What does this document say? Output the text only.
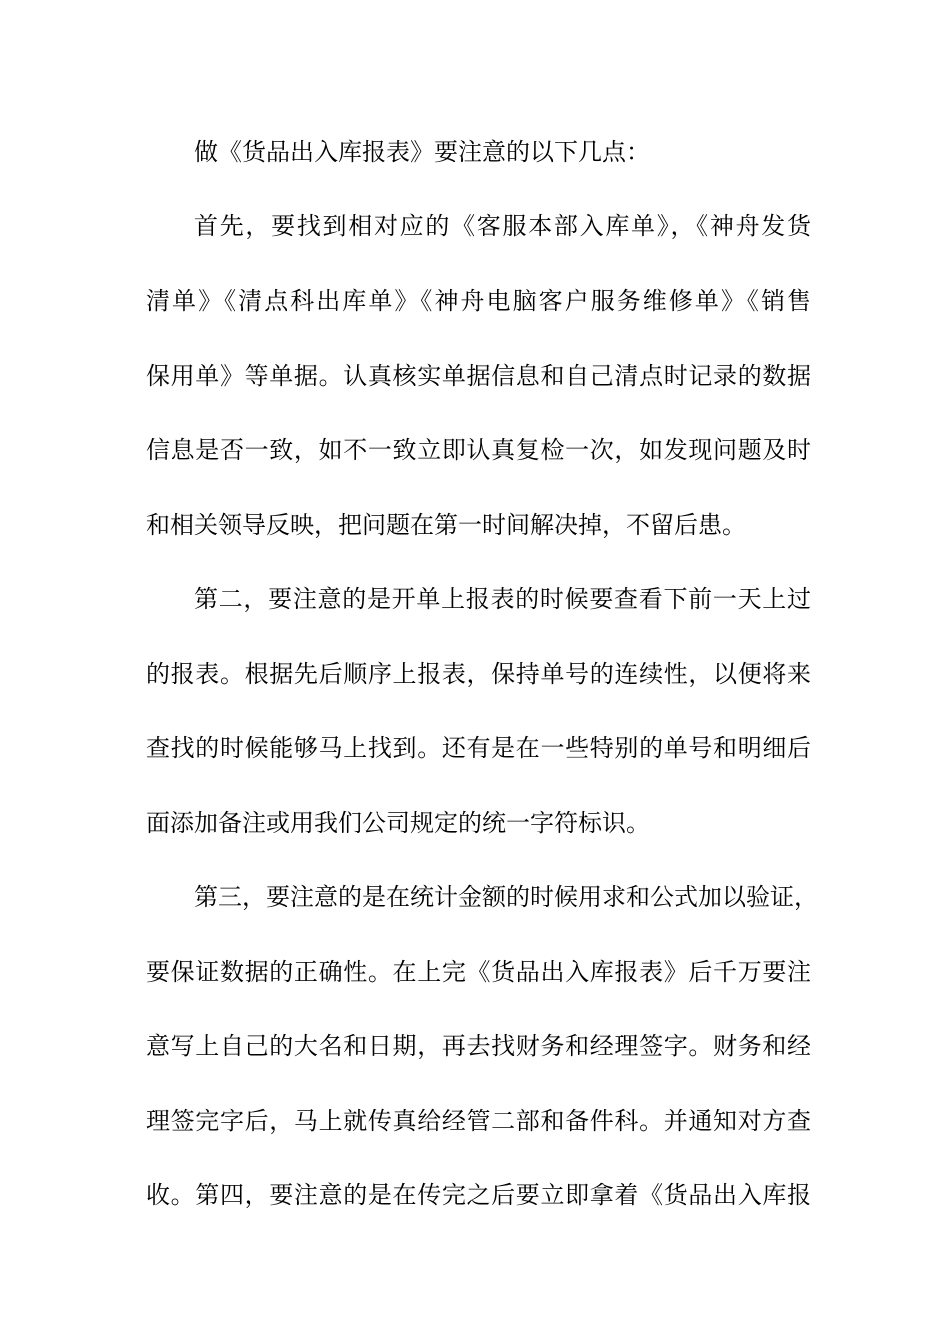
做《货品出入库报表》要注意的以下几点：
首先，要找到相对应的《客服本部入库单》，《神舟发货
清单》《清点科出库单》《神舟电脑客户服务维修单》《销售
保用单》等单据。认真核实单据信息和自己清点时记录的数据
信息是否一致，如不一致立即认真复检一次，如发现问题及时
和相关领导反映，把问题在第一时间解决掉，不留后患。
第二，要注意的是开单上报表的时候要查看下前一天上过
的报表。根据先后顺序上报表，保持单号的连续性，以便将来
查找的时候能够马上找到。还有是在一些特别的单号和明细后
面添加备注或用我们公司规定的统一字符标识。
第三，要注意的是在统计金额的时候用求和公式加以验证，
要保证数据的正确性。在上完《货品出入库报表》后千万要注
意写上自己的大名和日期，再去找财务和经理签字。财务和经
理签完字后，马上就传真给经管二部和备件科。并通知对方查
收。第四，要注意的是在传完之后要立即拿着《货品出入库报
